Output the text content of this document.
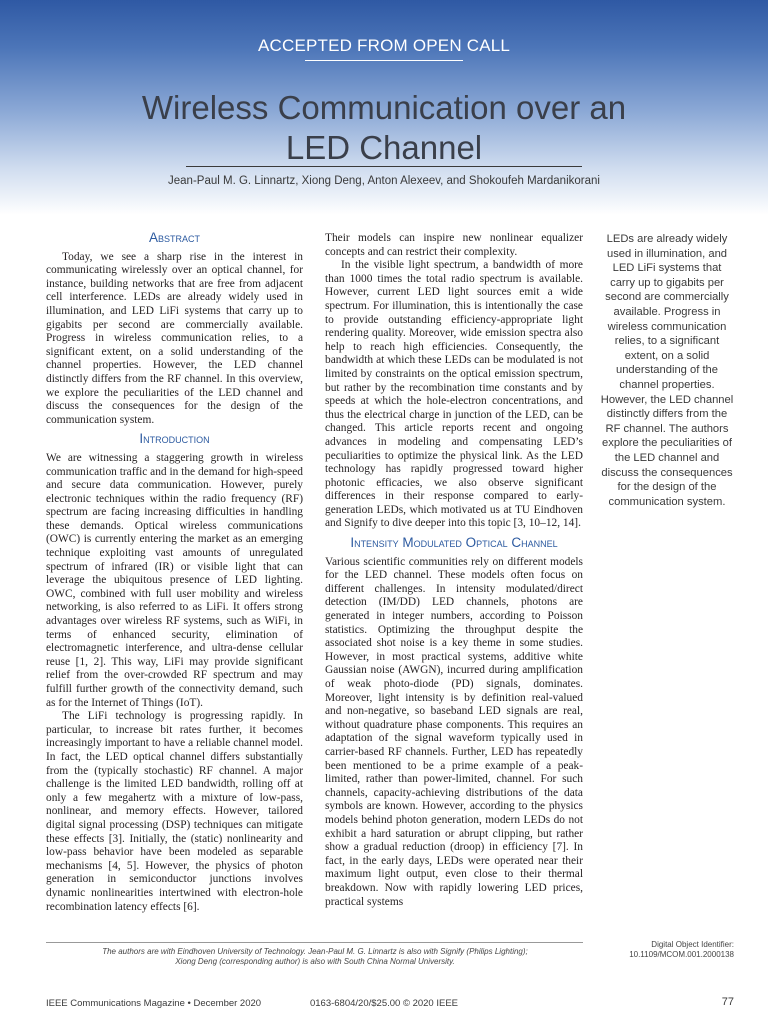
ACCEPTED FROM OPEN CALL
Wireless Communication over an
LED Channel
Jean-Paul M. G. Linnartz, Xiong Deng, Anton Alexeev, and Shokoufeh Mardanikorani
Abstract

Today, we see a sharp rise in the interest in communicating wirelessly over an optical channel, for instance, building networks that are free from adjacent cell interference. LEDs are already widely used in illumination, and LED LiFi systems that carry up to gigabits per second are commercially available. Progress in wireless communication relies, to a significant extent, on a solid understanding of the channel properties. However, the LED channel distinctly differs from the RF channel. In this overview, we explore the peculiarities of the LED channel and discuss the consequences for the design of the communication system.

Introduction

We are witnessing a staggering growth in wireless communication traffic and in the demand for high-speed and secure data communication. However, purely electronic techniques within the radio frequency (RF) spectrum are facing increasing difficulties in handling these demands. Optical wireless communications (OWC) is currently entering the market as an emerging technique exploiting vast amounts of unregulated spectrum of infrared (IR) or visible light that can leverage the ubiquitous presence of LED lighting. OWC, combined with full user mobility and wireless networking, is also referred to as LiFi. It offers strong advantages over wireless RF systems, such as WiFi, in terms of enhanced security, elimination of electromagnetic interference, and ultra-dense cellular reuse [1, 2]. This way, LiFi may provide significant relief from the over-crowded RF spectrum and may fulfill further growth of the connectivity demand, such as for the Internet of Things (IoT).

The LiFi technology is progressing rapidly. In particular, to increase bit rates further, it becomes increasingly important to have a reliable channel model. In fact, the LED optical channel differs substantially from the (typically stochastic) RF channel. A major challenge is the limited LED bandwidth, rolling off at only a few megahertz with a mixture of low-pass, nonlinear, and memory effects. However, tailored digital signal processing (DSP) techniques can mitigate these effects [3]. Initially, the (static) nonlinearity and low-pass behavior have been modeled as separable mechanisms [4, 5]. However, the physics of photon generation in semiconductor junctions involves dynamic nonlinearities intertwined with electron-hole recombination latency effects [6].

Their models can inspire new nonlinear equalizer concepts and can restrict their complexity.

In the visible light spectrum, a bandwidth of more than 1000 times the total radio spectrum is available. However, current LED light sources emit a wide spectrum. For illumination, this is intentionally the case to provide outstanding efficiency-appropriate light rendering quality. Moreover, wide emission spectra also help to reach high efficiencies. Consequently, the bandwidth at which these LEDs can be modulated is not limited by constraints on the optical emission spectrum, but rather by the recombination time constants and by speeds at which the hole-electron concentrations, and thus the electrical charge in junction of the LED, can be changed. This article reports recent and ongoing advances in modeling and compensating LED’s peculiarities to optimize the physical link. As the LED technology has rapidly progressed toward higher photonic efficacies, we also observe significant differences in their response compared to early-generation LEDs, which motivated us at TU Eindhoven and Signify to dive deeper into this topic [3, 10–12, 14].

Intensity Modulated Optical Channel

Various scientific communities rely on different models for the LED channel. These models often focus on different challenges. In intensity modulated/direct detection (IM/DD) LED channels, photons are generated in integer numbers, according to Poisson statistics. Optimizing the throughput despite the associated shot noise is a key theme in some studies. However, in most practical systems, additive white Gaussian noise (AWGN), incurred during amplification of weak photo-diode (PD) signals, dominates. Moreover, light intensity is by definition real-valued and non-negative, so baseband LED signals are real, without quadrature phase components. This requires an adaptation of the signal waveform typically used in carrier-based RF channels. Further, LED has repeatedly been mentioned to be a prime example of a peak-limited, rather than power-limited, channel. For such channels, capacity-achieving distributions of the data symbols are known. However, according to the physics models behind photon generation, modern LEDs do not exhibit a hard saturation or abrupt clipping, but rather show a gradual reduction (droop) in efficiency [7]. In fact, in the early days, LEDs were operated near their maximum light output, even close to their thermal breakdown. Now with rapidly lowering LED prices, practical systems

LEDs are already widely used in illumination, and LED LiFi systems that carry up to gigabits per second are commercially available. Progress in wireless communication relies, to a significant extent, on a solid understanding of the channel properties. However, the LED channel distinctly differs from the RF channel. The authors explore the peculiarities of the LED channel and discuss the consequences for the design of the communication system.
The authors are with Eindhoven University of Technology. Jean-Paul M. G. Linnartz is also with Signify (Philips Lighting); Xiong Deng (corresponding author) is also with South China Normal University.
Digital Object Identifier:
10.1109/MCOM.001.2000138
IEEE Communications Magazine • December 2020	0163-6804/20/$25.00 © 2020 IEEE	77
